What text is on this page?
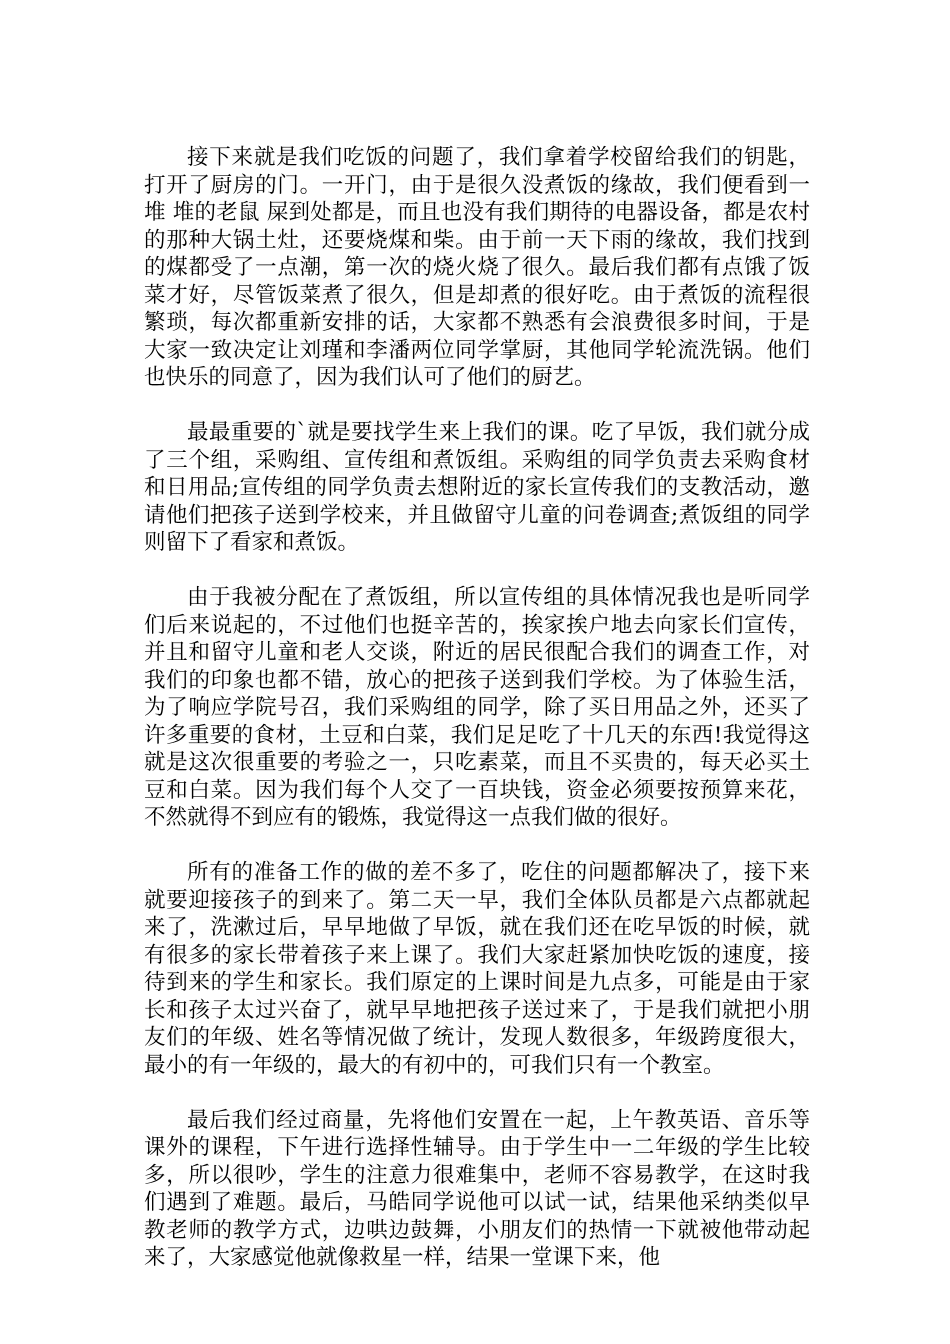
接下来就是我们吃饭的问题了，我们拿着学校留给我们的钥匙，打开了厨房的门。一开门，由于是很久没煮饭的缘故，我们便看到一堆 堆的老鼠 屎到处都是，而且也没有我们期待的电器设备，都是农村的那种大锅土灶，还要烧煤和柴。由于前一天下雨的缘故，我们找到的煤都受了一点潮，第一次的烧火烧了很久。最后我们都有点饿了饭菜才好，尽管饭菜煮了很久，但是却煮的很好吃。由于煮饭的流程很繁琐，每次都重新安排的话，大家都不熟悉有会浪费很多时间，于是大家一致决定让刘瑾和李潘两位同学掌厨，其他同学轮流洗锅。他们也快乐的同意了，因为我们认可了他们的厨艺。

最最重要的`就是要找学生来上我们的课。吃了早饭，我们就分成了三个组，采购组、宣传组和煮饭组。采购组的同学负责去采购食材和日用品;宣传组的同学负责去想附近的家长宣传我们的支教活动，邀请他们把孩子送到学校来，并且做留守儿童的问卷调查;煮饭组的同学则留下了看家和煮饭。

由于我被分配在了煮饭组，所以宣传组的具体情况我也是听同学们后来说起的，不过他们也挺辛苦的，挨家挨户地去向家长们宣传，并且和留守儿童和老人交谈，附近的居民很配合我们的调查工作，对我们的印象也都不错，放心的把孩子送到我们学校。为了体验生活，为了响应学院号召，我们采购组的同学，除了买日用品之外，还买了许多重要的食材，土豆和白菜，我们足足吃了十几天的东西!我觉得这就是这次很重要的考验之一，只吃素菜，而且不买贵的，每天必买土豆和白菜。因为我们每个人交了一百块钱，资金必须要按预算来花，不然就得不到应有的锻炼，我觉得这一点我们做的很好。

所有的准备工作的做的差不多了，吃住的问题都解决了，接下来就要迎接孩子的到来了。第二天一早，我们全体队员都是六点都就起来了，洗漱过后，早早地做了早饭，就在我们还在吃早饭的时候，就有很多的家长带着孩子来上课了。我们大家赶紧加快吃饭的速度，接待到来的学生和家长。我们原定的上课时间是九点多，可能是由于家长和孩子太过兴奋了，就早早地把孩子送过来了，于是我们就把小朋友们的年级、姓名等情况做了统计，发现人数很多，年级跨度很大，最小的有一年级的，最大的有初中的，可我们只有一个教室。

最后我们经过商量，先将他们安置在一起，上午教英语、音乐等课外的课程，下午进行选择性辅导。由于学生中一二年级的学生比较多，所以很吵，学生的注意力很难集中，老师不容易教学，在这时我们遇到了难题。最后，马皓同学说他可以试一试，结果他采纳类似早教老师的教学方式，边哄边鼓舞，小朋友们的热情一下就被他带动起来了，大家感觉他就像救星一样，结果一堂课下来，他
